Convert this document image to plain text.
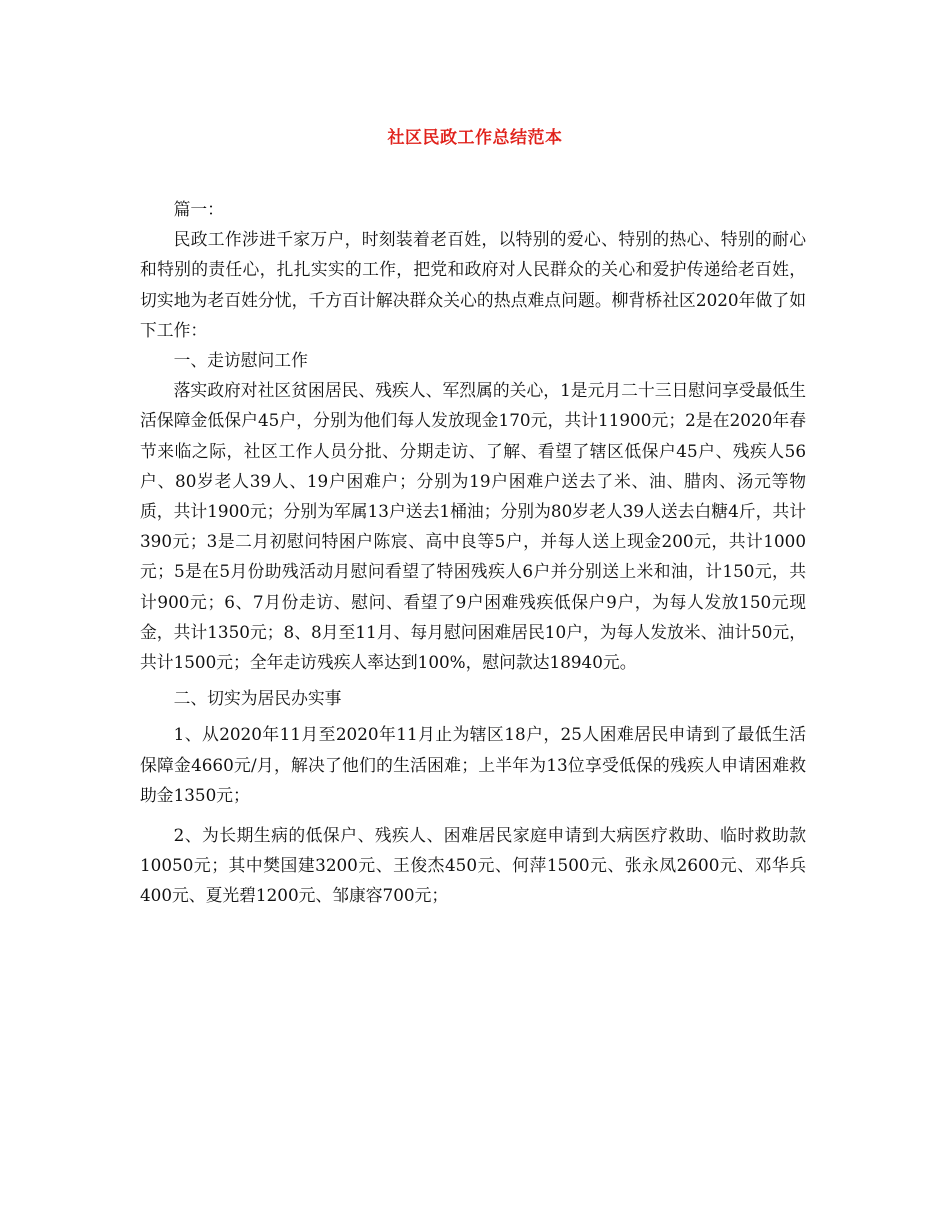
社区民政工作总结范本

篇一：

民政工作涉进千家万户，时刻装着老百姓，以特别的爱心、特别的热心、特别的耐心和特别的责任心，扎扎实实的工作，把党和政府对人民群众的关心和爱护传递给老百姓，切实地为老百姓分忧，千方百计解决群众关心的热点难点问题。柳背桥社区2020年做了如下工作：

一、走访慰问工作

落实政府对社区贫困居民、残疾人、军烈属的关心，1是元月二十三日慰问享受最低生活保障金低保户45户，分别为他们每人发放现金170元，共计11900元；2是在2020年春节来临之际，社区工作人员分批、分期走访、了解、看望了辖区低保户45户、残疾人56户、80岁老人39人、19户困难户；分别为19户困难户送去了米、油、腊肉、汤元等物质，共计1900元；分别为军属13户送去1桶油；分别为80岁老人39人送去白糖4斤，共计390元；3是二月初慰问特困户陈宸、高中良等5户，并每人送上现金200元，共计1000元；5是在5月份助残活动月慰问看望了特困残疾人6户并分别送上米和油，计150元，共计900元；6、7月份走访、慰问、看望了9户困难残疾低保户9户，为每人发放150元现金，共计1350元；8、8月至11月、每月慰问困难居民10户，为每人发放米、油计50元，共计1500元；全年走访残疾人率达到100%，慰问款达18940元。

二、切实为居民办实事

1、从2020年11月至2020年11月止为辖区18户，25人困难居民申请到了最低生活保障金4660元/月，解决了他们的生活困难；上半年为13位享受低保的残疾人申请困难救助金1350元；

2、为长期生病的低保户、残疾人、困难居民家庭申请到大病医疗救助、临时救助款10050元；其中樊国建3200元、王俊杰450元、何萍1500元、张永凤2600元、邓华兵400元、夏光碧1200元、邹康容700元；
